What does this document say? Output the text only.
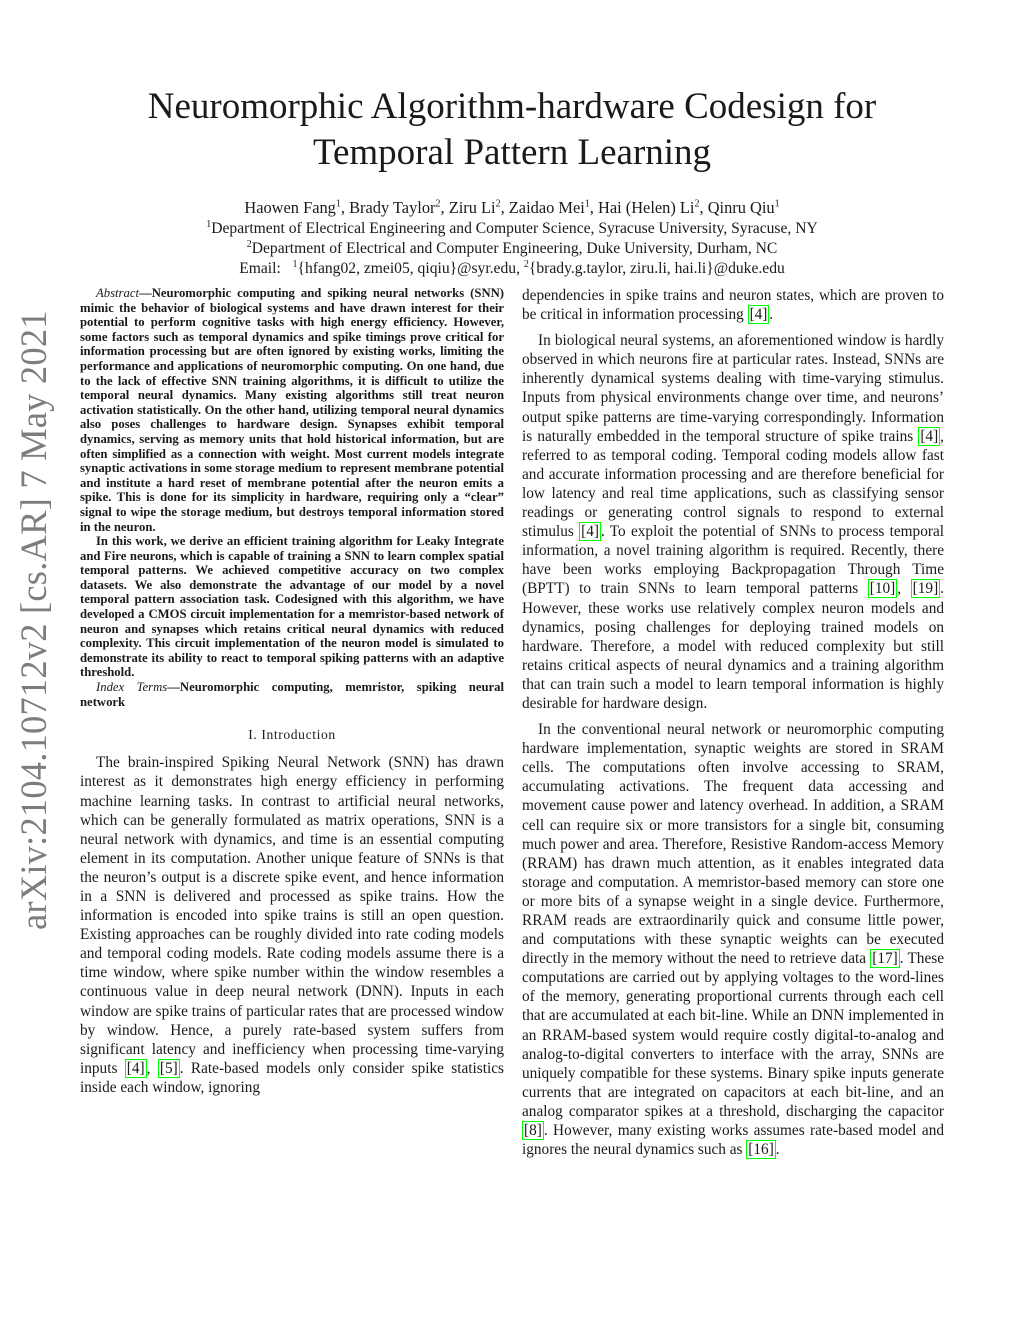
arXiv:2104.10712v2 [cs.AR] 7 May 2021
Neuromorphic Algorithm-hardware Codesign for
Temporal Pattern Learning
Haowen Fang$^1$, Brady Taylor$^2$, Ziru Li$^2$, Zaidao Mei$^1$, Hai (Helen) Li$^2$, Qinru Qiu$^1$
$^1$Department of Electrical Engineering and Computer Science, Syracuse University, Syracuse, NY
$^2$Department of Electrical and Computer Engineering, Duke University, Durham, NC
Email: $^1${hfang02, zmei05, qiqiu}@syr.edu, $^2${brady.g.taylor, ziru.li, hai.li}@duke.edu

Abstract—Neuromorphic computing and spiking neural networks (SNN) mimic the behavior of biological systems and have drawn interest for their potential to perform cognitive tasks with high energy efficiency. However, some factors such as temporal dynamics and spike timings prove critical for information processing but are often ignored by existing works, limiting the performance and applications of neuromorphic computing. On one hand, due to the lack of effective SNN training algorithms, it is difficult to utilize the temporal neural dynamics. Many existing algorithms still treat neuron activation statistically. On the other hand, utilizing temporal neural dynamics also poses challenges to hardware design. Synapses exhibit temporal dynamics, serving as memory units that hold historical information, but are often simplified as a connection with weight. Most current models integrate synaptic activations in some storage medium to represent membrane potential and institute a hard reset of membrane potential after the neuron emits a spike. This is done for its simplicity in hardware, requiring only a “clear” signal to wipe the storage medium, but destroys temporal information stored in the neuron.

In this work, we derive an efficient training algorithm for Leaky Integrate and Fire neurons, which is capable of training a SNN to learn complex spatial temporal patterns. We achieved competitive accuracy on two complex datasets. We also demonstrate the advantage of our model by a novel temporal pattern association task. Codesigned with this algorithm, we have developed a CMOS circuit implementation for a memristor-based network of neuron and synapses which retains critical neural dynamics with reduced complexity. This circuit implementation of the neuron model is simulated to demonstrate its ability to react to temporal spiking patterns with an adaptive threshold.

Index Terms—Neuromorphic computing, memristor, spiking neural network

I. Introduction

The brain-inspired Spiking Neural Network (SNN) has drawn interest as it demonstrates high energy efficiency in performing machine learning tasks. In contrast to artificial neural networks, which can be generally formulated as matrix operations, SNN is a neural network with dynamics, and time is an essential computing element in its computation. Another unique feature of SNNs is that the neuron’s output is a discrete spike event, and hence information in a SNN is delivered and processed as spike trains. How the information is encoded into spike trains is still an open question. Existing approaches can be roughly divided into rate coding models and temporal coding models. Rate coding models assume there is a time window, where spike number within the window resembles a continuous value in deep neural network (DNN). Inputs in each window are spike trains of particular rates that are processed window by window. Hence, a purely rate-based system suffers from significant latency and inefficiency when processing time-varying inputs [4] , [5] . Rate-based models only consider spike statistics inside each window, ignoring

dependencies in spike trains and neuron states, which are proven to be critical in information processing [4] .

In biological neural systems, an aforementioned window is hardly observed in which neurons fire at particular rates. Instead, SNNs are inherently dynamical systems dealing with time-varying stimulus. Inputs from physical environments change over time, and neurons’ output spike patterns are time-varying correspondingly. Information is naturally embedded in the temporal structure of spike trains [4] , referred to as temporal coding. Temporal coding models allow fast and accurate information processing and are therefore beneficial for low latency and real time applications, such as classifying sensor readings or generating control signals to respond to external stimulus [4] . To exploit the potential of SNNs to process temporal information, a novel training algorithm is required. Recently, there have been works employing Backpropagation Through Time (BPTT) to train SNNs to learn temporal patterns [10] , [19] . However, these works use relatively complex neuron models and dynamics, posing challenges for deploying trained models on hardware. Therefore, a model with reduced complexity but still retains critical aspects of neural dynamics and a training algorithm that can train such a model to learn temporal information is highly desirable for hardware design.

In the conventional neural network or neuromorphic computing hardware implementation, synaptic weights are stored in SRAM cells. The computations often involve accessing to SRAM, accumulating activations. The frequent data accessing and movement cause power and latency overhead. In addition, a SRAM cell can require six or more transistors for a single bit, consuming much power and area. Therefore, Resistive Random-access Memory (RRAM) has drawn much attention, as it enables integrated data storage and computation. A memristor-based memory can store one or more bits of a synapse weight in a single device. Furthermore, RRAM reads are extraordinarily quick and consume little power, and computations with these synaptic weights can be executed directly in the memory without the need to retrieve data [17] . These computations are carried out by applying voltages to the word-lines of the memory, generating proportional currents through each cell that are accumulated at each bit-line. While an DNN implemented in an RRAM-based system would require costly digital-to-analog and analog-to-digital converters to interface with the array, SNNs are uniquely compatible for these systems. Binary spike inputs generate currents that are integrated on capacitors at each bit-line, and an analog comparator spikes at a threshold, discharging the capacitor [8] . However, many existing works assumes rate-based model and ignores the neural dynamics such as [16] .
